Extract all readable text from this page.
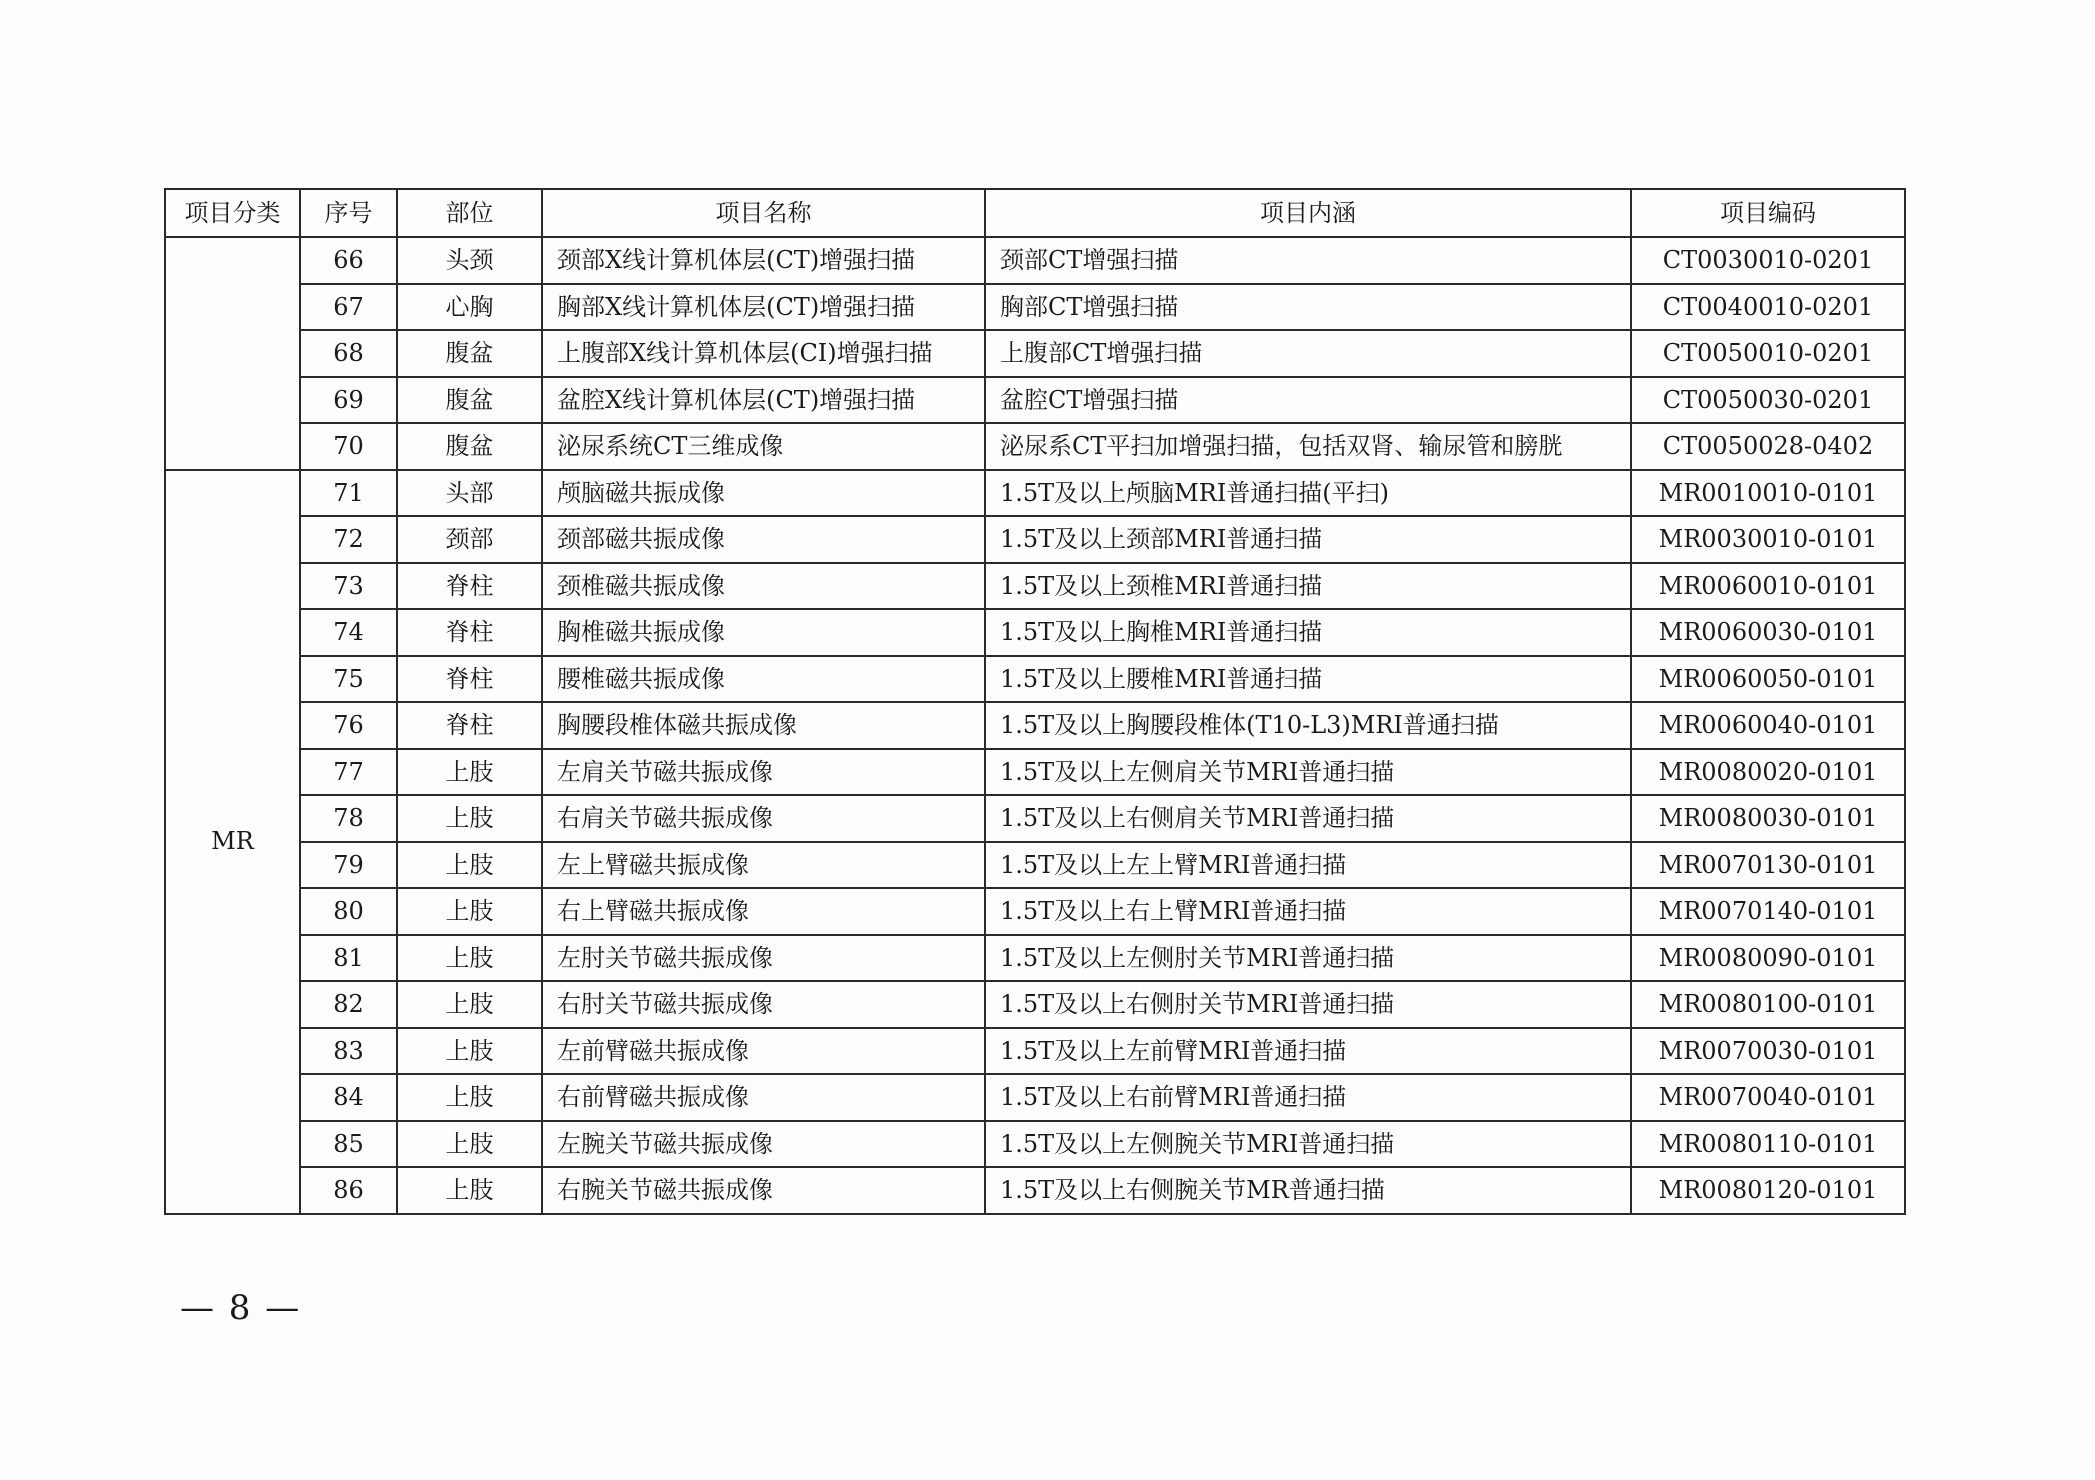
项目分类	序号	部位	项目名称	项目内涵	项目编码
	66	头颈	颈部X线计算机体层(CT)增强扫描	颈部CT增强扫描	CT0030010-0201
	67	心胸	胸部X线计算机体层(CT)增强扫描	胸部CT增强扫描	CT0040010-0201
	68	腹盆	上腹部X线计算机体层(CI)增强扫描	上腹部CT增强扫描	CT0050010-0201
	69	腹盆	盆腔X线计算机体层(CT)增强扫描	盆腔CT增强扫描	CT0050030-0201
	70	腹盆	泌尿系统CT三维成像	泌尿系CT平扫加增强扫描，包括双肾、输尿管和膀胱	CT0050028-0402
MR	71	头部	颅脑磁共振成像	1.5T及以上颅脑MRI普通扫描(平扫)	MR0010010-0101
	72	颈部	颈部磁共振成像	1.5T及以上颈部MRI普通扫描	MR0030010-0101
	73	脊柱	颈椎磁共振成像	1.5T及以上颈椎MRI普通扫描	MR0060010-0101
	74	脊柱	胸椎磁共振成像	1.5T及以上胸椎MRI普通扫描	MR0060030-0101
	75	脊柱	腰椎磁共振成像	1.5T及以上腰椎MRI普通扫描	MR0060050-0101
	76	脊柱	胸腰段椎体磁共振成像	1.5T及以上胸腰段椎体(T10-L3)MRI普通扫描	MR0060040-0101
	77	上肢	左肩关节磁共振成像	1.5T及以上左侧肩关节MRI普通扫描	MR0080020-0101
	78	上肢	右肩关节磁共振成像	1.5T及以上右侧肩关节MRI普通扫描	MR0080030-0101
	79	上肢	左上臂磁共振成像	1.5T及以上左上臂MRI普通扫描	MR0070130-0101
	80	上肢	右上臂磁共振成像	1.5T及以上右上臂MRI普通扫描	MR0070140-0101
	81	上肢	左肘关节磁共振成像	1.5T及以上左侧肘关节MRI普通扫描	MR0080090-0101
	82	上肢	右肘关节磁共振成像	1.5T及以上右侧肘关节MRI普通扫描	MR0080100-0101
	83	上肢	左前臂磁共振成像	1.5T及以上左前臂MRI普通扫描	MR0070030-0101
	84	上肢	右前臂磁共振成像	1.5T及以上右前臂MRI普通扫描	MR0070040-0101
	85	上肢	左腕关节磁共振成像	1.5T及以上左侧腕关节MRI普通扫描	MR0080110-0101
	86	上肢	右腕关节磁共振成像	1.5T及以上右侧腕关节MR普通扫描	MR0080120-0101
— 8 —
